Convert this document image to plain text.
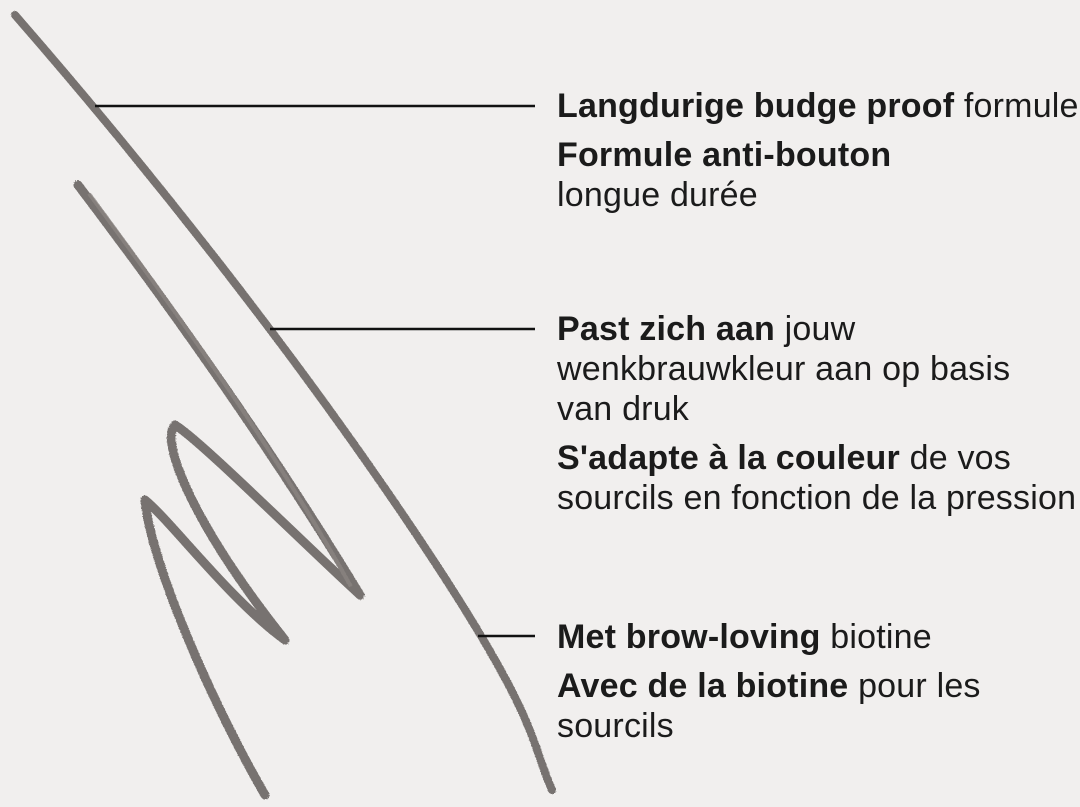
Langdurige budge proof formule

Formule anti-bouton longue durée

Past zich aan jouw wenkbrauwkleur aan op basis van druk

S'adapte à la couleur de vos sourcils en fonction de la pression

Met brow-loving biotine

Avec de la biotine pour les sourcils
